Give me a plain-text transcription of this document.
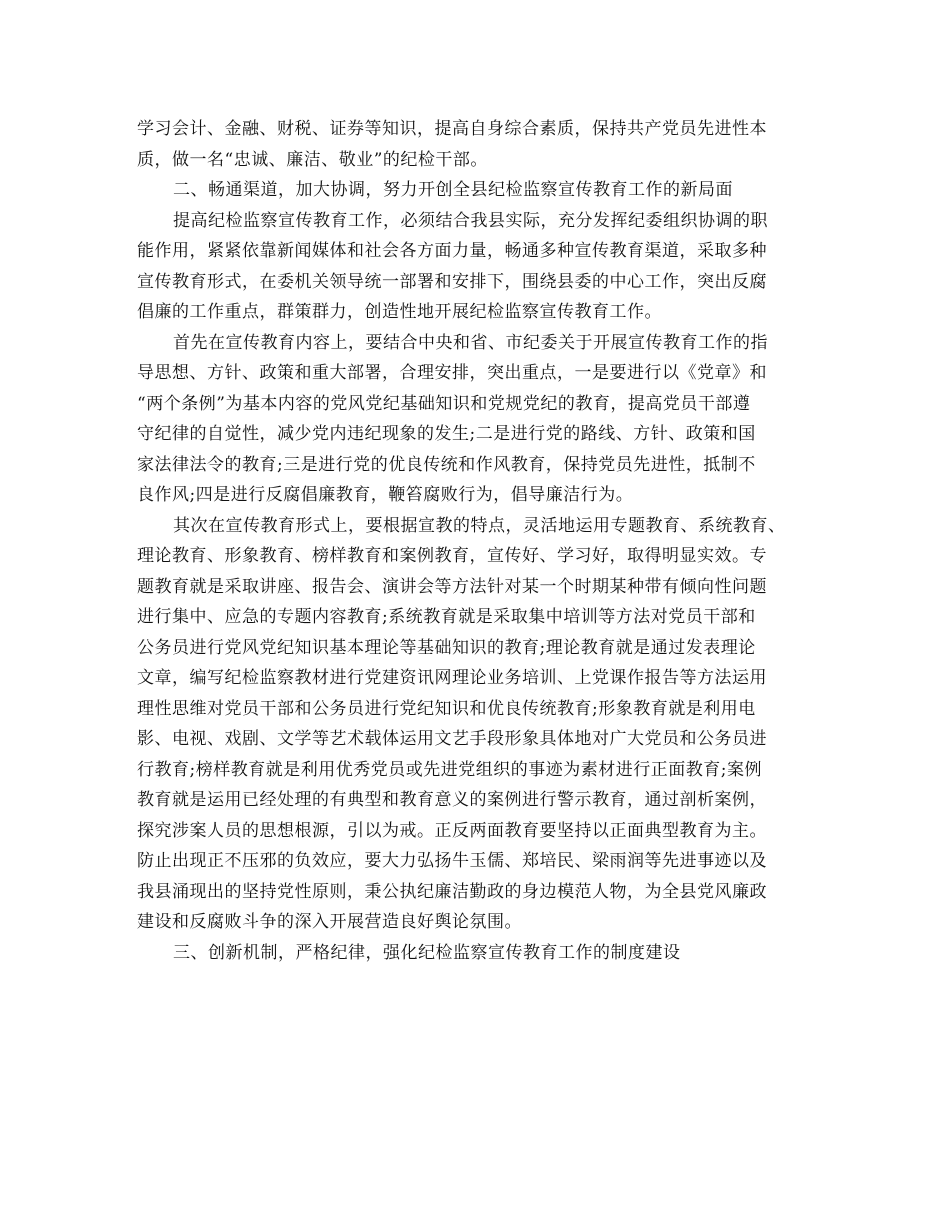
学习会计、金融、财税、证券等知识，提高自身综合素质，保持共产党员先进性本
质，做一名“忠诚、廉洁、敬业”的纪检干部。
二、畅通渠道，加大协调，努力开创全县纪检监察宣传教育工作的新局面
提高纪检监察宣传教育工作，必须结合我县实际，充分发挥纪委组织协调的职
能作用，紧紧依靠新闻媒体和社会各方面力量，畅通多种宣传教育渠道，采取多种
宣传教育形式，在委机关领导统一部署和安排下，围绕县委的中心工作，突出反腐
倡廉的工作重点，群策群力，创造性地开展纪检监察宣传教育工作。
首先在宣传教育内容上，要结合中央和省、市纪委关于开展宣传教育工作的指
导思想、方针、政策和重大部署，合理安排，突出重点，一是要进行以《党章》和
“两个条例”为基本内容的党风党纪基础知识和党规党纪的教育，提高党员干部遵
守纪律的自觉性，减少党内违纪现象的发生;二是进行党的路线、方针、政策和国
家法律法令的教育;三是进行党的优良传统和作风教育，保持党员先进性，抵制不
良作风;四是进行反腐倡廉教育，鞭笞腐败行为，倡导廉洁行为。
其次在宣传教育形式上，要根据宣教的特点，灵活地运用专题教育、系统教育、
理论教育、形象教育、榜样教育和案例教育，宣传好、学习好，取得明显实效。专
题教育就是采取讲座、报告会、演讲会等方法针对某一个时期某种带有倾向性问题
进行集中、应急的专题内容教育;系统教育就是采取集中培训等方法对党员干部和
公务员进行党风党纪知识基本理论等基础知识的教育;理论教育就是通过发表理论
文章，编写纪检监察教材进行党建资讯网理论业务培训、上党课作报告等方法运用
理性思维对党员干部和公务员进行党纪知识和优良传统教育;形象教育就是利用电
影、电视、戏剧、文学等艺术载体运用文艺手段形象具体地对广大党员和公务员进
行教育;榜样教育就是利用优秀党员或先进党组织的事迹为素材进行正面教育;案例
教育就是运用已经处理的有典型和教育意义的案例进行警示教育，通过剖析案例，
探究涉案人员的思想根源，引以为戒。正反两面教育要坚持以正面典型教育为主。
防止出现正不压邪的负效应，要大力弘扬牛玉儒、郑培民、梁雨润等先进事迹以及
我县涌现出的坚持党性原则，秉公执纪廉洁勤政的身边模范人物，为全县党风廉政
建设和反腐败斗争的深入开展营造良好舆论氛围。
三、创新机制，严格纪律，强化纪检监察宣传教育工作的制度建设
